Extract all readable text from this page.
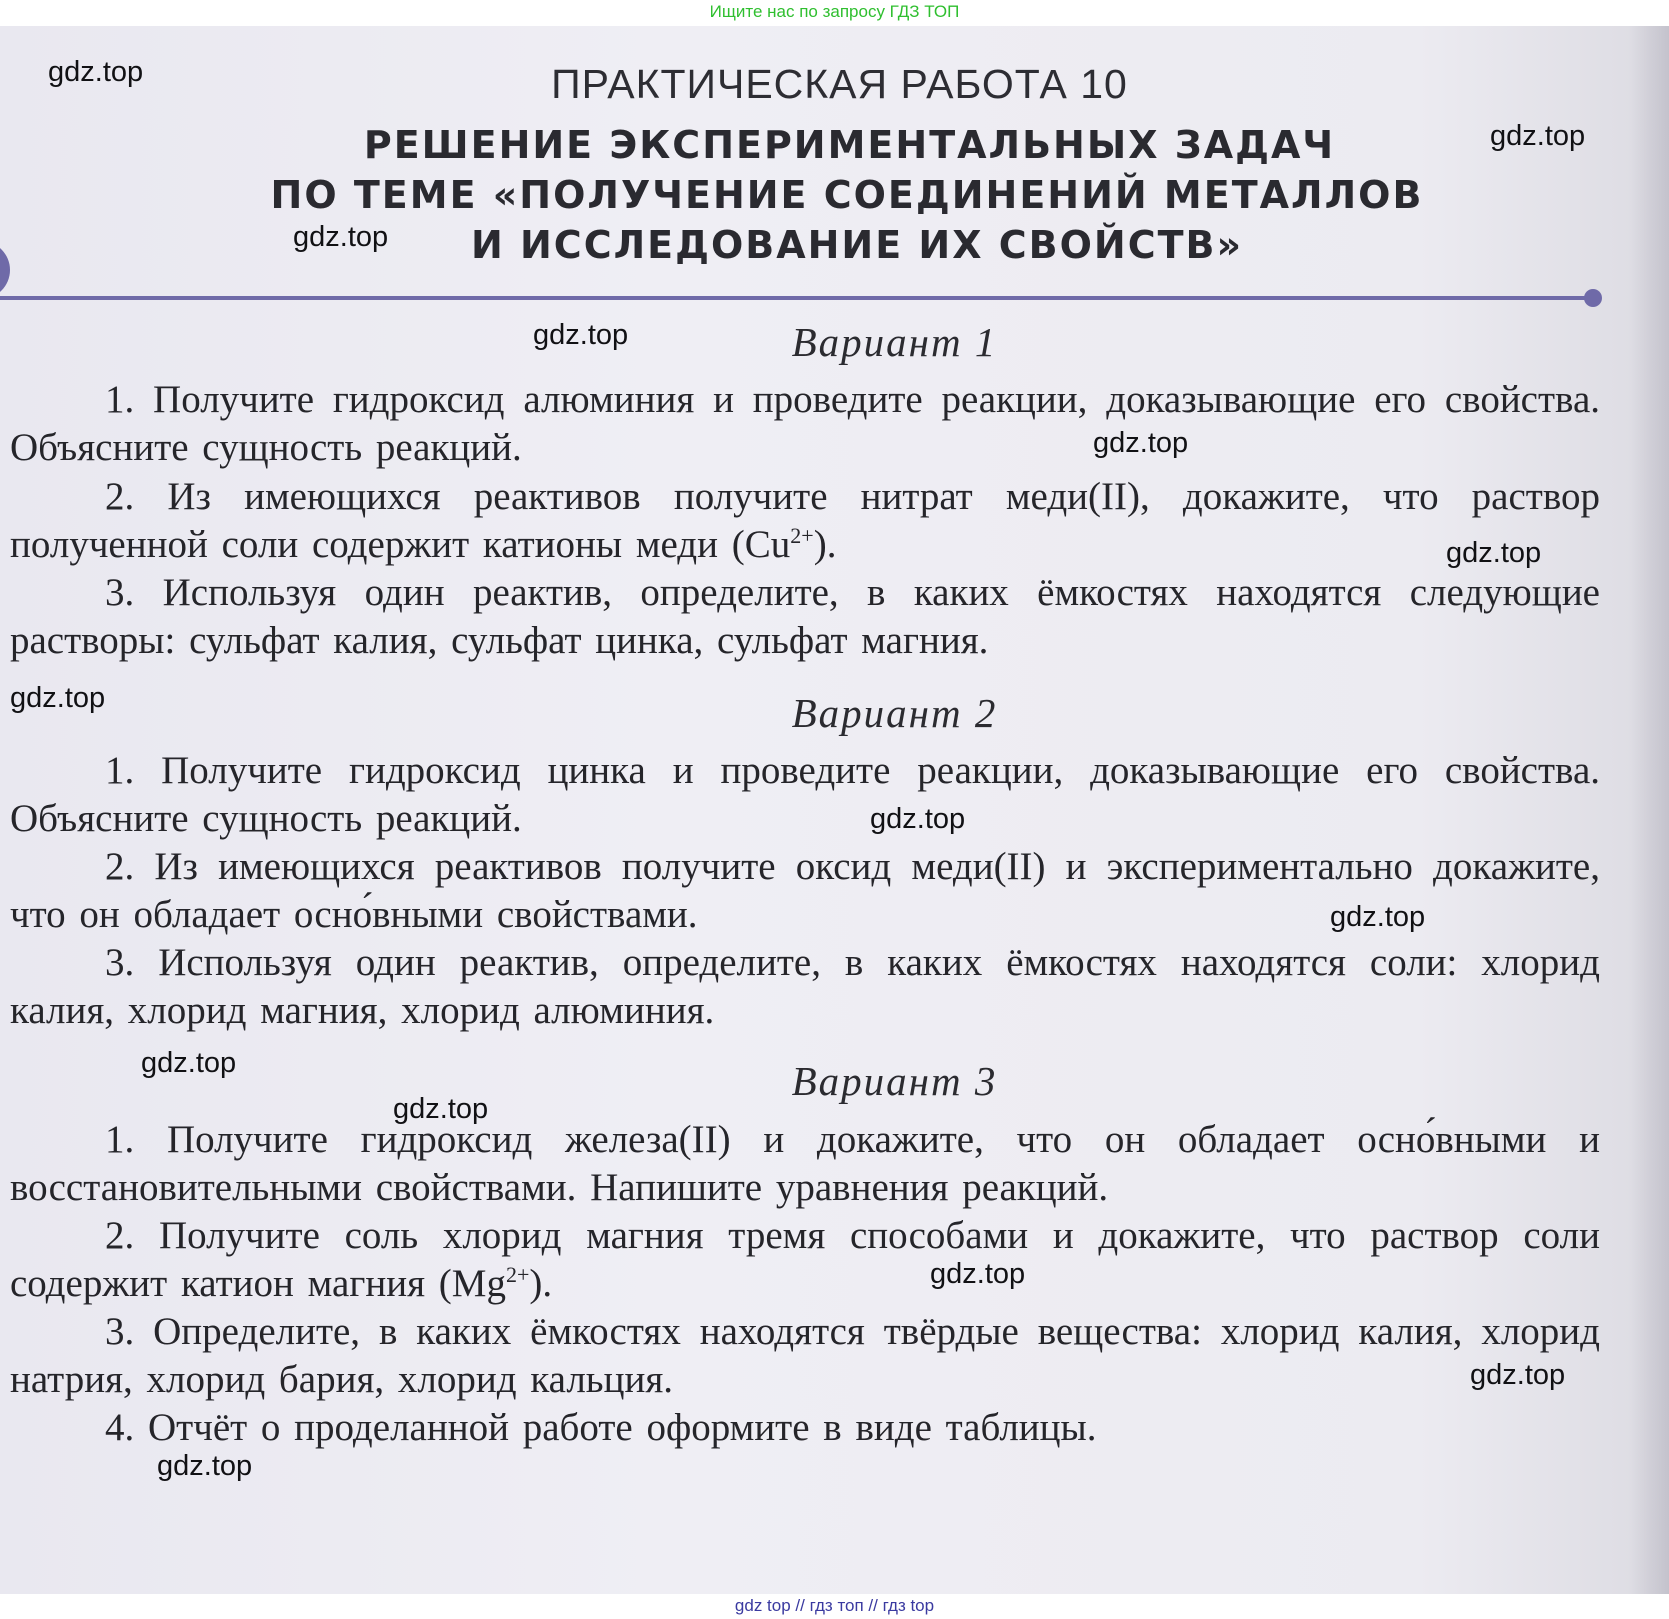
Ищите нас по запросу ГДЗ ТОП
ПРАКТИЧЕСКАЯ РАБОТА 10
РЕШЕНИЕ ЭКСПЕРИМЕНТАЛЬНЫХ ЗАДАЧ
ПО ТЕМЕ «ПОЛУЧЕНИЕ СОЕДИНЕНИЙ МЕТАЛЛОВ
И ИССЛЕДОВАНИЕ ИХ СВОЙСТВ»
Вариант 1
1. Получите гидроксид алюминия и проведите реакции, доказывающие его свойства. Объясните сущность реакций.
2. Из имеющихся реактивов получите нитрат меди(II), докажите, что раствор полученной соли содержит катионы меди $(Cu^{2+})$.
3. Используя один реактив, определите, в каких ёмкостях находятся следующие растворы: сульфат калия, сульфат цинка, сульфат магния.
Вариант 2
1. Получите гидроксид цинка и проведите реакции, доказывающие его свойства. Объясните сущность реакций.
2. Из имеющихся реактивов получите оксид меди(II) и экспериментально докажите, что он обладает осно́вными свойствами.
3. Используя один реактив, определите, в каких ёмкостях находятся соли: хлорид калия, хлорид магния, хлорид алюминия.
Вариант 3
1. Получите гидроксид железа(II) и докажите, что он обладает осно́вными и восстановительными свойствами. Напишите уравнения реакций.
2. Получите соль хлорид магния тремя способами и докажите, что раствор соли содержит катион магния $(Mg^{2+})$.
3. Определите, в каких ёмкостях находятся твёрдые вещества: хлорид калия, хлорид натрия, хлорид бария, хлорид кальция.
4. Отчёт о проделанной работе оформите в виде таблицы.
gdz.top
gdz.top
gdz.top
gdz.top
gdz.top
gdz.top
gdz.top
gdz.top
gdz.top
gdz.top
gdz.top
gdz.top
gdz.top
gdz.top
gdz top // гдз топ // гдз top
